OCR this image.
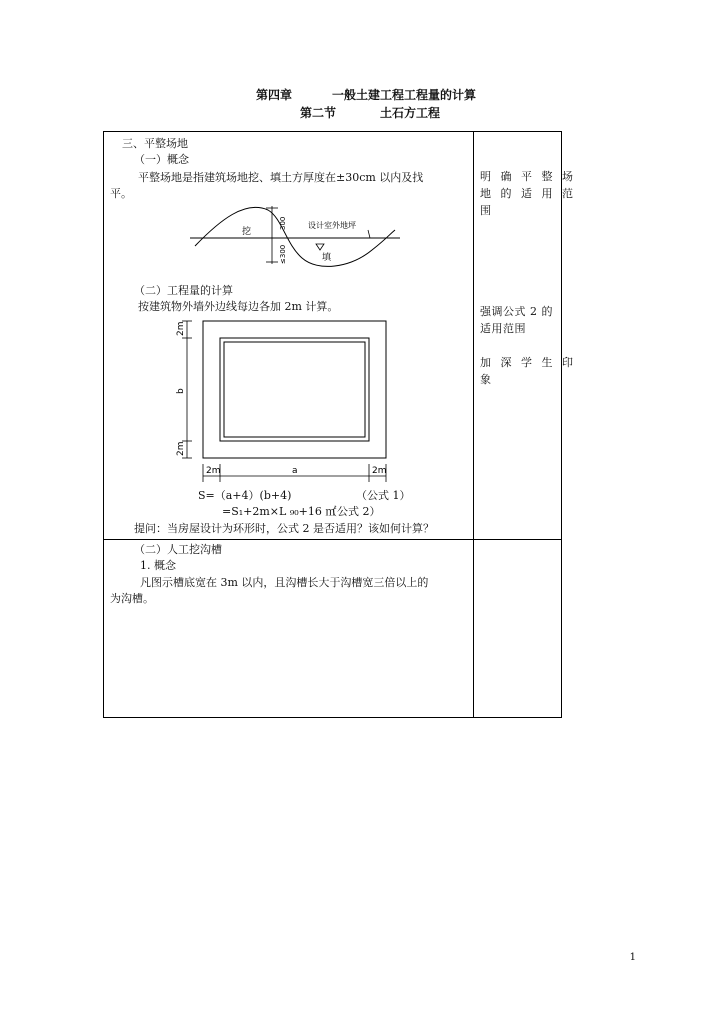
第四章	一般土建工程工程量的计算
第二节	土石方工程
三、平整场地
（一）概念
平整场地是指建筑场地挖、填土方厚度在±30cm 以内及找
平。
挖
填
设计室外地坪
300
≤300
（二）工程量的计算
按建筑物外墙外边线每边各加 2m 计算。
2m
b
2m
2m	a	2m
S=（a+4）(b+4)	（公式 1）
=S₁+2m×L ₉₀+16 ㎡
（公式 2）
提问：当房屋设计为环形时，公式 2 是否适用？该如何计算？
明 确 平 整 场
地 的 适 用 范
围
强调公式 2 的
适用范围
加 深 学 生 印
象
（二）人工挖沟槽
1. 概念
凡图示槽底宽在 3m 以内，且沟槽长大于沟槽宽三倍以上的
为沟槽。
1
